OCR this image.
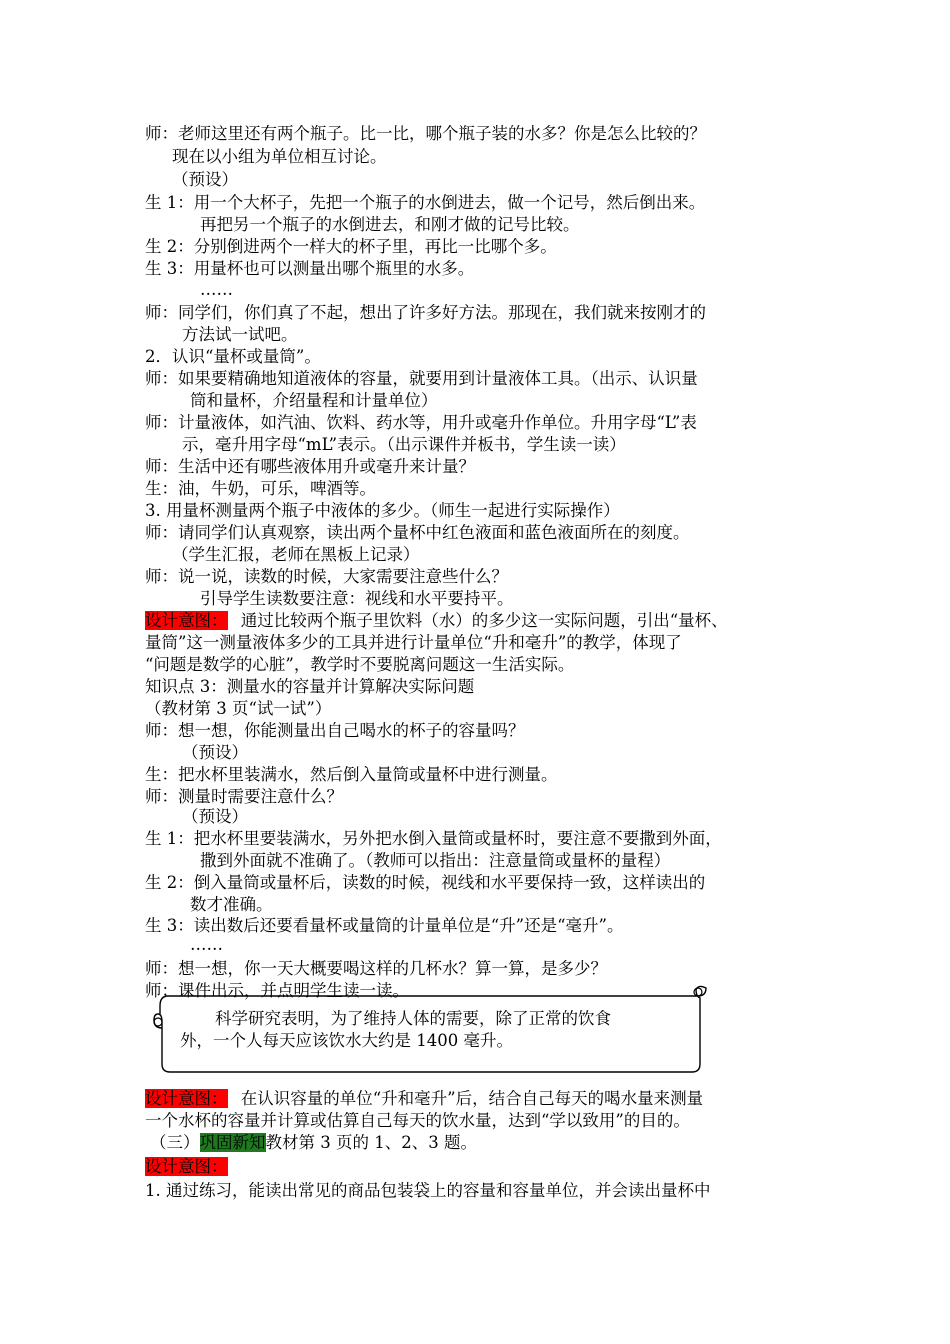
师：老师这里还有两个瓶子。比一比，哪个瓶子装的水多？你是怎么比较的？
现在以小组为单位相互讨论。
（预设）
生 1：用一个大杯子，先把一个瓶子的水倒进去，做一个记号，然后倒出来。
再把另一个瓶子的水倒进去，和刚才做的记号比较。
生 2：分别倒进两个一样大的杯子里，再比一比哪个多。
生 3：用量杯也可以测量出哪个瓶里的水多。
……
师：同学们，你们真了不起，想出了许多好方法。那现在，我们就来按刚才的
方法试一试吧。
2．认识“量杯或量筒”。
师：如果要精确地知道液体的容量，就要用到计量液体工具。（出示、认识量
筒和量杯，介绍量程和计量单位）
师：计量液体，如汽油、饮料、药水等，用升或毫升作单位。升用字母“L”表
示，毫升用字母“mL”表示。（出示课件并板书，学生读一读）
师：生活中还有哪些液体用升或毫升来计量？
生：油，牛奶，可乐，啤酒等。
3. 用量杯测量两个瓶子中液体的多少。（师生一起进行实际操作）
师：请同学们认真观察，读出两个量杯中红色液面和蓝色液面所在的刻度。
（学生汇报，老师在黑板上记录）
师：说一说，读数的时候，大家需要注意些什么？
引导学生读数要注意：视线和水平要持平。
设计意图： 通过比较两个瓶子里饮料（水）的多少这一实际问题，引出“量杯、
量筒”这一测量液体多少的工具并进行计量单位“升和毫升”的教学，体现了
“问题是数学的心脏”，教学时不要脱离问题这一生活实际。
知识点 3：测量水的容量并计算解决实际问题
（教材第 3 页“试一试”）
师：想一想，你能测量出自己喝水的杯子的容量吗？
（预设）
生：把水杯里装满水，然后倒入量筒或量杯中进行测量。
师：测量时需要注意什么？
（预设）
生 1：把水杯里要装满水，另外把水倒入量筒或量杯时，要注意不要撒到外面，
撒到外面就不准确了。（教师可以指出：注意量筒或量杯的量程）
生 2：倒入量筒或量杯后，读数的时候，视线和水平要保持一致，这样读出的
数才准确。
生 3：读出数后还要看量杯或量筒的计量单位是“升”还是“毫升”。
……
师：想一想，你一天大概要喝这样的几杯水？算一算，是多少？
师：课件出示，并点明学生读一读。
科学研究表明，为了维持人体的需要，除了正常的饮食
外，一个人每天应该饮水大约是 1400 毫升。
设计意图： 在认识容量的单位“升和毫升”后，结合自己每天的喝水量来测量
一个水杯的容量并计算或估算自己每天的饮水量，达到“学以致用”的目的。
（三）巩固新知教材第 3 页的 1、2、3 题。
设计意图：
1. 通过练习，能读出常见的商品包装袋上的容量和容量单位，并会读出量杯中
